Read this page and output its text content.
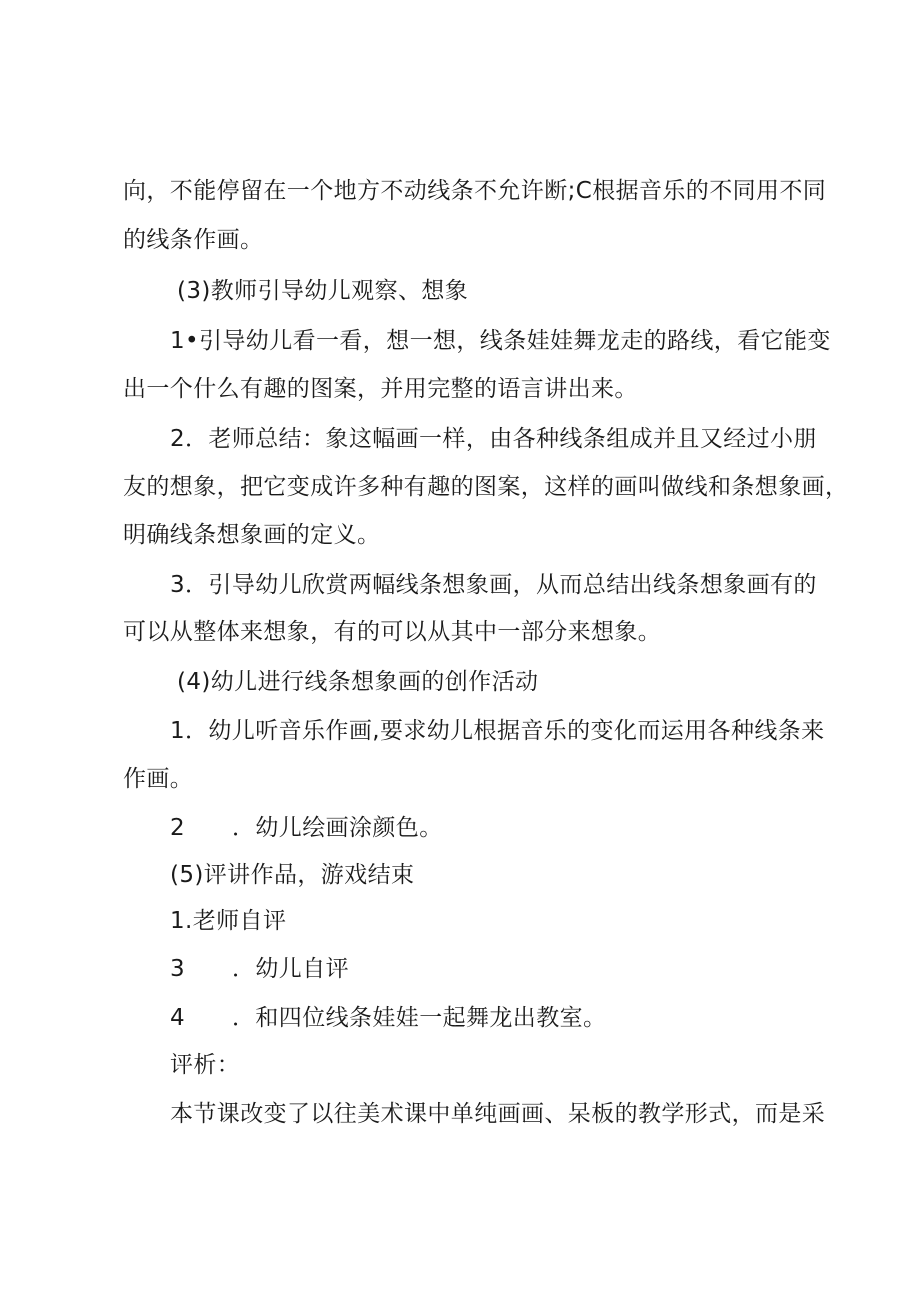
向，不能停留在一个地方不动线条不允许断;C根据音乐的不同用不同
的线条作画。
(3)教师引导幼儿观察、想象
1•引导幼儿看一看，想一想，线条娃娃舞龙走的路线，看它能变
出一个什么有趣的图案，并用完整的语言讲出来。
2．老师总结：象这幅画一样，由各种线条组成并且又经过小朋
友的想象，把它变成许多种有趣的图案，这样的画叫做线和条想象画，
明确线条想象画的定义。
3．引导幼儿欣赏两幅线条想象画，从而总结出线条想象画有的
可以从整体来想象，有的可以从其中一部分来想象。
(4)幼儿进行线条想象画的创作活动
1．幼儿听音乐作画,要求幼儿根据音乐的变化而运用各种线条来
作画。
2 ．幼儿绘画涂颜色。
(5)评讲作品，游戏结束
1.老师自评
3 ．幼儿自评
4 ．和四位线条娃娃一起舞龙出教室。
评析：
本节课改变了以往美术课中单纯画画、呆板的教学形式，而是采
